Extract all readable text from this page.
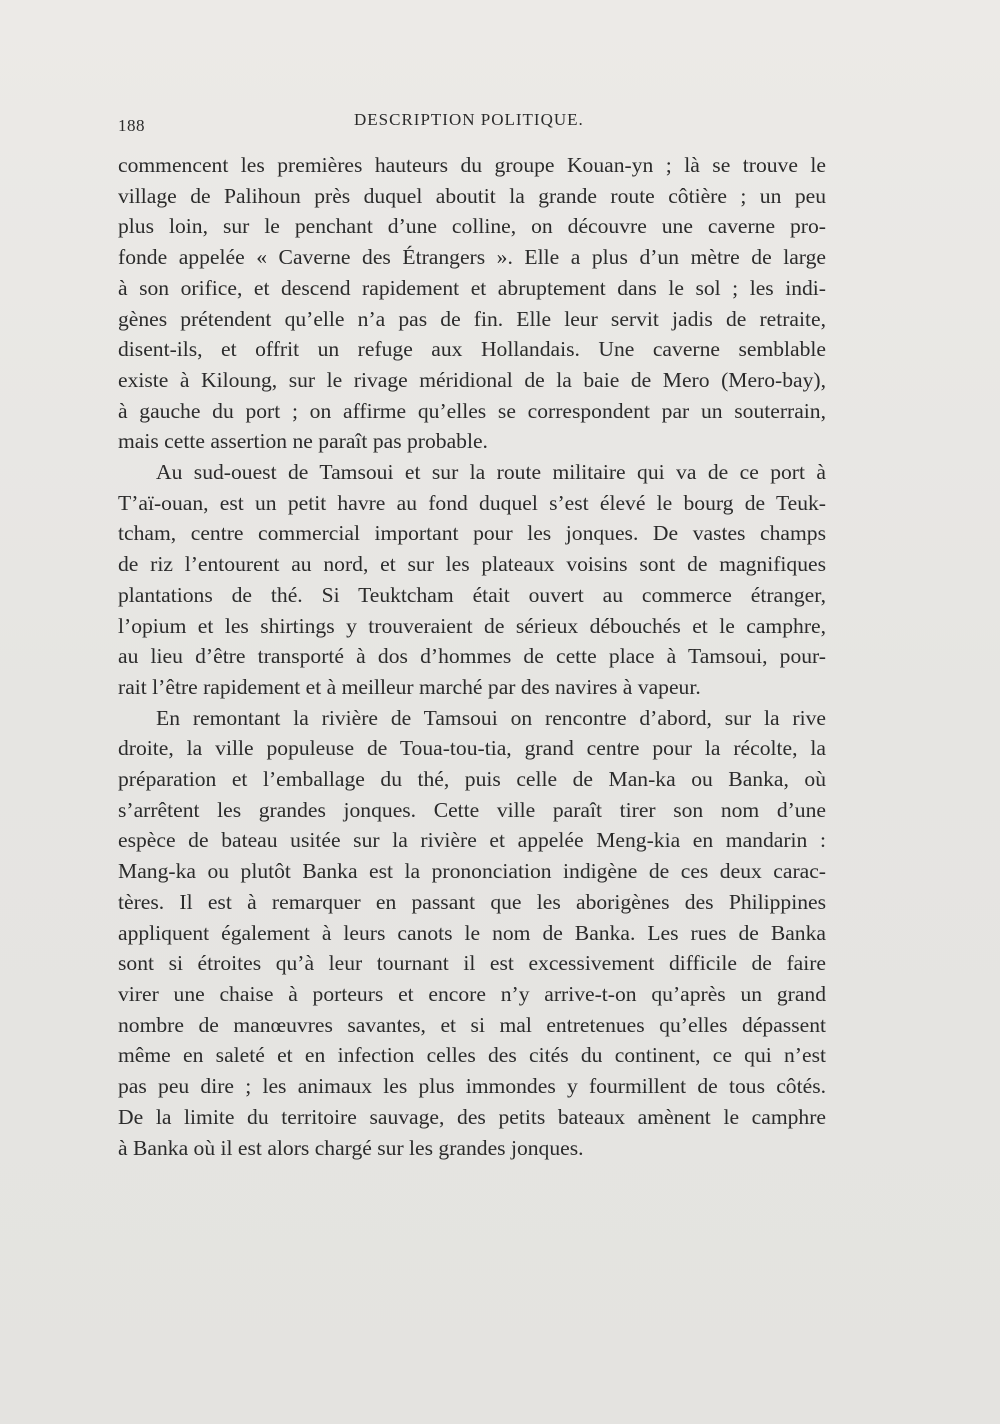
188	DESCRIPTION POLITIQUE.

commencent les premières hauteurs du groupe Kouan-yn ; là se trouve le
village de Palihoun près duquel aboutit la grande route côtière ; un peu
plus loin, sur le penchant d’une colline, on découvre une caverne pro-
fonde appelée « Caverne des Étrangers ». Elle a plus d’un mètre de large
à son orifice, et descend rapidement et abruptement dans le sol ; les indi-
gènes prétendent qu’elle n’a pas de fin. Elle leur servit jadis de retraite,
disent-ils, et offrit un refuge aux Hollandais. Une caverne semblable
existe à Kiloung, sur le rivage méridional de la baie de Mero (Mero-bay),
à gauche du port ; on affirme qu’elles se correspondent par un souterrain,
mais cette assertion ne paraît pas probable.

Au sud-ouest de Tamsoui et sur la route militaire qui va de ce port à
T’aï-ouan, est un petit havre au fond duquel s’est élevé le bourg de Teuk-
tcham, centre commercial important pour les jonques. De vastes champs
de riz l’entourent au nord, et sur les plateaux voisins sont de magnifiques
plantations de thé. Si Teuktcham était ouvert au commerce étranger,
l’opium et les shirtings y trouveraient de sérieux débouchés et le camphre,
au lieu d’être transporté à dos d’hommes de cette place à Tamsoui, pour-
rait l’être rapidement et à meilleur marché par des navires à vapeur.

En remontant la rivière de Tamsoui on rencontre d’abord, sur la rive
droite, la ville populeuse de Toua-tou-tia, grand centre pour la récolte, la
préparation et l’emballage du thé, puis celle de Man-ka ou Banka, où
s’arrêtent les grandes jonques. Cette ville paraît tirer son nom d’une
espèce de bateau usitée sur la rivière et appelée Meng-kia en mandarin :
Mang-ka ou plutôt Banka est la prononciation indigène de ces deux carac-
tères. Il est à remarquer en passant que les aborigènes des Philippines
appliquent également à leurs canots le nom de Banka. Les rues de Banka
sont si étroites qu’à leur tournant il est excessivement difficile de faire
virer une chaise à porteurs et encore n’y arrive-t-on qu’après un grand
nombre de manœuvres savantes, et si mal entretenues qu’elles dépassent
même en saleté et en infection celles des cités du continent, ce qui n’est
pas peu dire ; les animaux les plus immondes y fourmillent de tous côtés.
De la limite du territoire sauvage, des petits bateaux amènent le camphre
à Banka où il est alors chargé sur les grandes jonques.
